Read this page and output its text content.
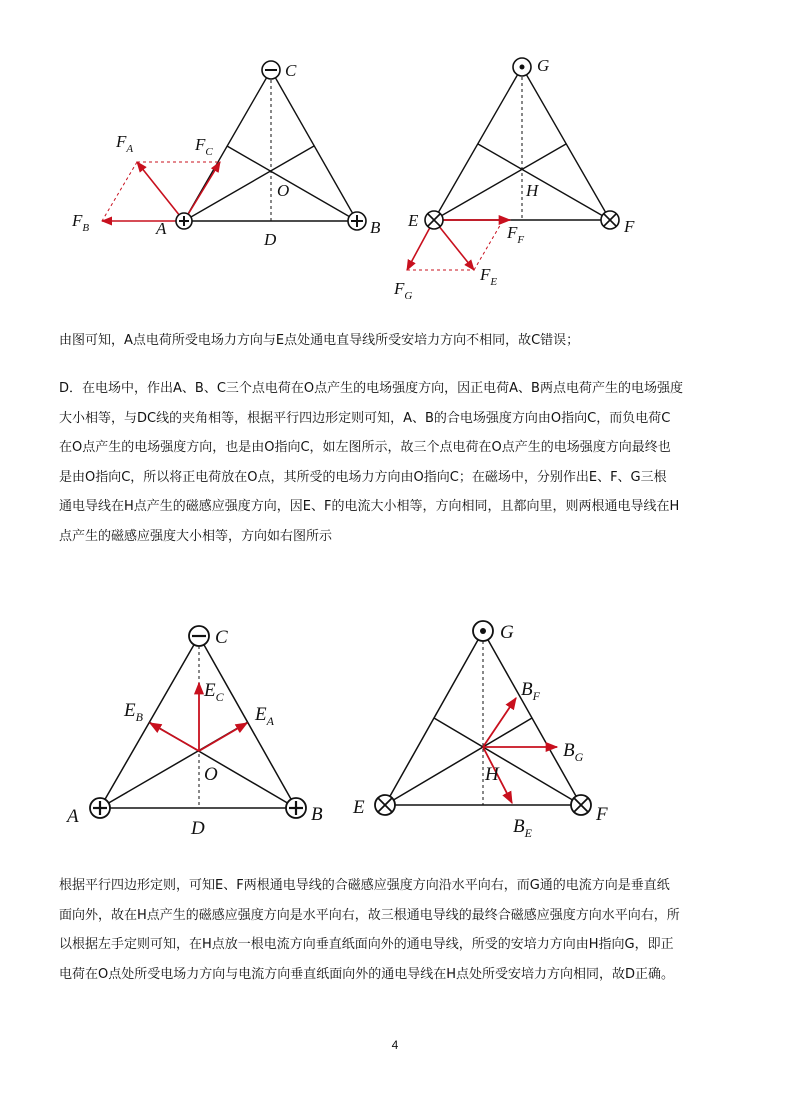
C
A	B
O
D
$F_A$	$F_C$
$F_B$
G
E	F
H
$F_F$
$F_E$
$F_G$

由图可知，A点电荷所受电场力方向与E点处通电直导线所受安培力方向不相同，故C错误；

D．在电场中，作出A、B、C三个点电荷在O点产生的电场强度方向，因正电荷A、B两点电荷产生的电场强度

大小相等，与DC线的夹角相等，根据平行四边形定则可知，A、B的合电场强度方向由O指向C，而负电荷C

在O点产生的电场强度方向，也是由O指向C，如左图所示，故三个点电荷在O点产生的电场强度方向最终也

是由O指向C，所以将正电荷放在O点，其所受的电场力方向由O指向C；在磁场中，分别作出E、F、G三根

通电导线在H点产生的磁感应强度方向，因E、F的电流大小相等，方向相同，且都向里，则两根通电导线在H

点产生的磁感应强度大小相等，方向如右图所示

C
A	B
O
D
$E_B$
$E_C$
$E_A$
G
E	F
H
$B_F$
$B_G$
$B_E$

根据平行四边形定则，可知E、F两根通电导线的合磁感应强度方向沿水平向右，而G通的电流方向是垂直纸

面向外，故在H点产生的磁感应强度方向是水平向右，故三根通电导线的最终合磁感应强度方向水平向右，所

以根据左手定则可知，在H点放一根电流方向垂直纸面向外的通电导线，所受的安培力方向由H指向G，即正

电荷在O点处所受电场力方向与电流方向垂直纸面向外的通电导线在H点处所受安培力方向相同，故D正确。

4
